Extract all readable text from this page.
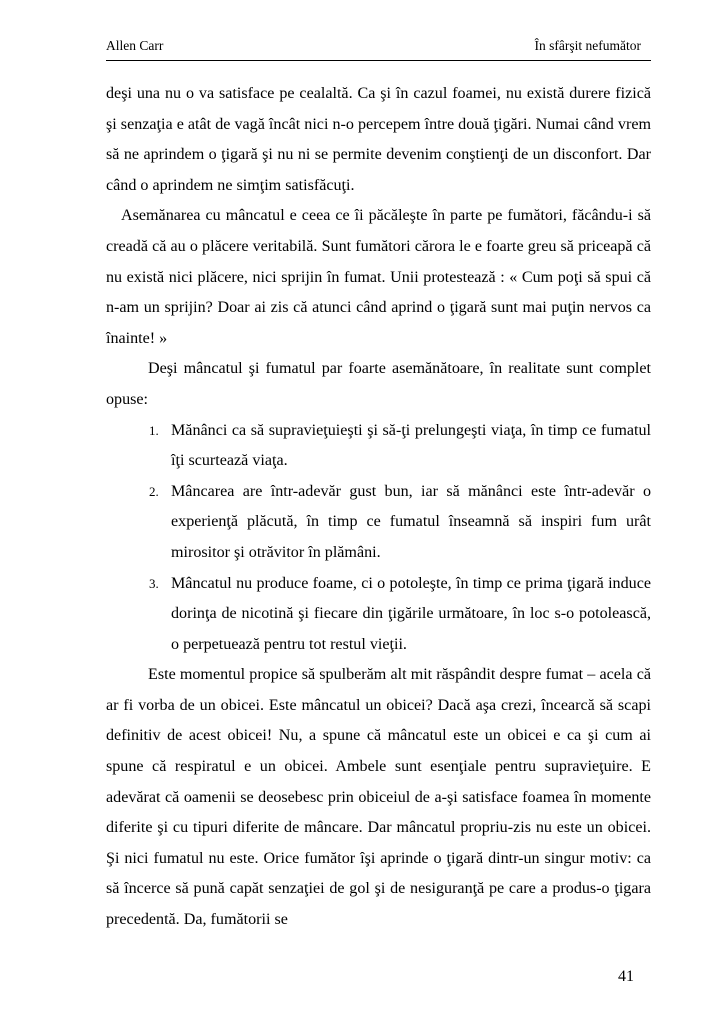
Allen Carr	În sfârşit nefumător

deşi una nu o va satisface pe cealaltă. Ca şi în cazul foamei, nu există durere fizică şi senzaţia e atât de vagă încât nici n-o percepem între două ţigări. Numai când vrem să ne aprindem o ţigară şi nu ni se permite devenim conştienţi de un disconfort. Dar când o aprindem ne simţim satisfăcuţi.

Asemănarea cu mâncatul e ceea ce îi păcăleşte în parte pe fumători, făcându-i să creadă că au o plăcere veritabilă. Sunt fumători cărora le e foarte greu să priceapă că nu există nici plăcere, nici sprijin în fumat. Unii protestează : « Cum poţi să spui că n-am un sprijin? Doar ai zis că atunci când aprind o ţigară sunt mai puţin nervos ca înainte! »

Deşi mâncatul şi fumatul par foarte asemănătoare, în realitate sunt complet opuse:

1. Mănânci ca să supravieţuieşti şi să-ţi prelungeşti viaţa, în timp ce fumatul îţi scurtează viaţa.
2. Mâncarea are într-adevăr gust bun, iar să mănânci este într-adevăr o experienţă plăcută, în timp ce fumatul înseamnă să inspiri fum urât mirositor şi otrăvitor în plămâni.
3. Mâncatul nu produce foame, ci o potoleşte, în timp ce prima ţigară induce dorinţa de nicotină şi fiecare din ţigările următoare, în loc s-o potolească, o perpetuează pentru tot restul vieţii.

Este momentul propice să spulberăm alt mit răspândit despre fumat – acela că ar fi vorba de un obicei. Este mâncatul un obicei? Dacă aşa crezi, încearcă să scapi definitiv de acest obicei! Nu, a spune că mâncatul este un obicei e ca şi cum ai spune că respiratul e un obicei. Ambele sunt esenţiale pentru supravieţuire. E adevărat că oamenii se deosebesc prin obiceiul de a-şi satisface foamea în momente diferite şi cu tipuri diferite de mâncare. Dar mâncatul propriu-zis nu este un obicei. Şi nici fumatul nu este. Orice fumător îşi aprinde o ţigară dintr-un singur motiv: ca să încerce să pună capăt senzaţiei de gol şi de nesiguranţă pe care a produs-o ţigara precedentă. Da, fumătorii se

41
